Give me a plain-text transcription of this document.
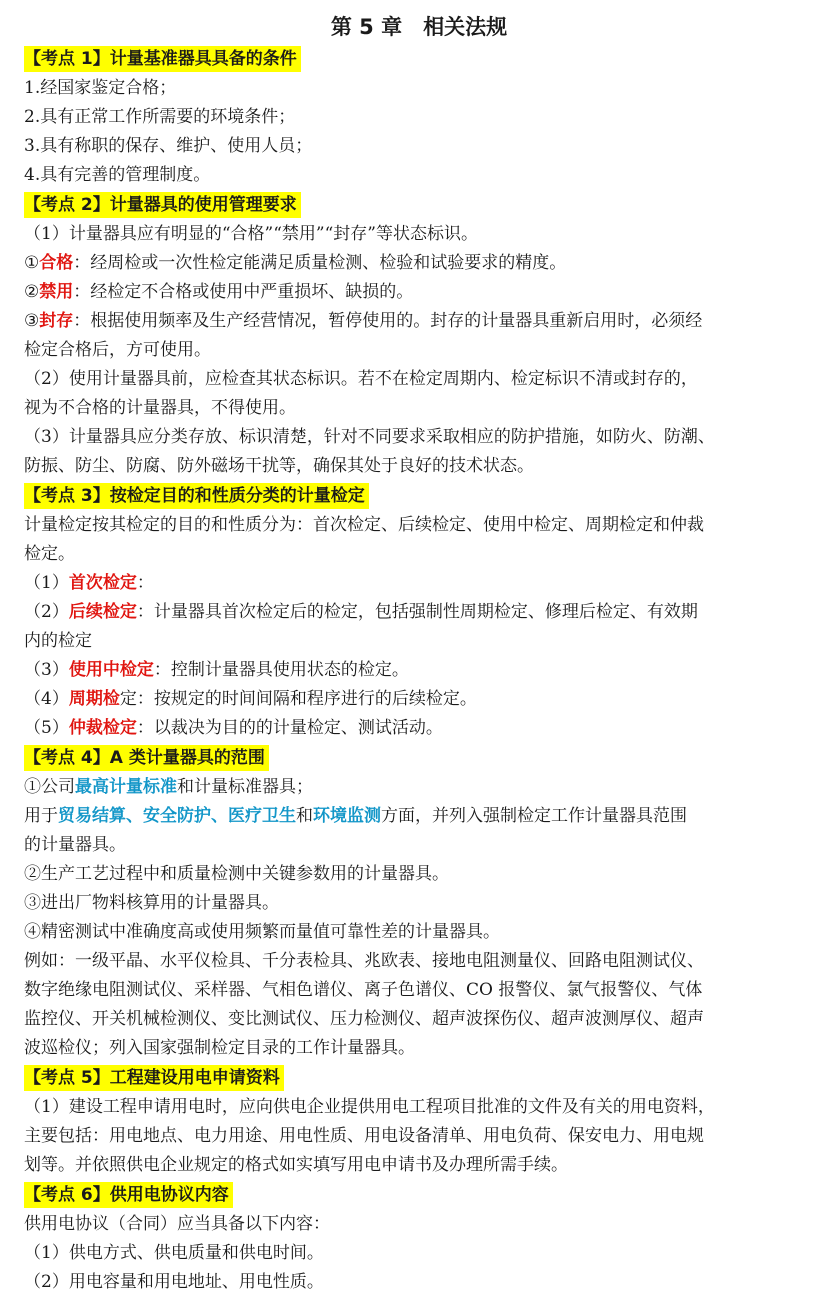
第 5 章　相关法规
【考点 1】计量基准器具具备的条件
1.经国家鉴定合格；
2.具有正常工作所需要的环境条件；
3.具有称职的保存、维护、使用人员；
4.具有完善的管理制度。
【考点 2】计量器具的使用管理要求
（1）计量器具应有明显的“合格”“禁用”“封存”等状态标识。
①合格：经周检或一次性检定能满足质量检测、检验和试验要求的精度。
②禁用：经检定不合格或使用中严重损坏、缺损的。
③封存：根据使用频率及生产经营情况，暂停使用的。封存的计量器具重新启用时，必须经
检定合格后，方可使用。
（2）使用计量器具前，应检查其状态标识。若不在检定周期内、检定标识不清或封存的，
视为不合格的计量器具，不得使用。
（3）计量器具应分类存放、标识清楚，针对不同要求采取相应的防护措施，如防火、防潮、
防振、防尘、防腐、防外磁场干扰等，确保其处于良好的技术状态。
【考点 3】按检定目的和性质分类的计量检定
计量检定按其检定的目的和性质分为：首次检定、后续检定、使用中检定、周期检定和仲裁
检定。
（1）首次检定：
（2）后续检定：计量器具首次检定后的检定，包括强制性周期检定、修理后检定、有效期
内的检定
（3）使用中检定：控制计量器具使用状态的检定。
（4）周期检定：按规定的时间间隔和程序进行的后续检定。
（5）仲裁检定：以裁决为目的的计量检定、测试活动。
【考点 4】A 类计量器具的范围
①公司最高计量标准和计量标准器具；
用于贸易结算、安全防护、医疗卫生和环境监测方面，并列入强制检定工作计量器具范围
的计量器具。
②生产工艺过程中和质量检测中关键参数用的计量器具。
③进出厂物料核算用的计量器具。
④精密测试中准确度高或使用频繁而量值可靠性差的计量器具。
例如：一级平晶、水平仪检具、千分表检具、兆欧表、接地电阻测量仪、回路电阻测试仪、
数字绝缘电阻测试仪、采样器、气相色谱仪、离子色谱仪、CO 报警仪、氯气报警仪、气体
监控仪、开关机械检测仪、变比测试仪、压力检测仪、超声波探伤仪、超声波测厚仪、超声
波巡检仪；列入国家强制检定目录的工作计量器具。
【考点 5】工程建设用电申请资料
（1）建设工程申请用电时，应向供电企业提供用电工程项目批准的文件及有关的用电资料，
主要包括：用电地点、电力用途、用电性质、用电设备清单、用电负荷、保安电力、用电规
划等。并依照供电企业规定的格式如实填写用电申请书及办理所需手续。
【考点 6】供用电协议内容
供用电协议（合同）应当具备以下内容：
（1）供电方式、供电质量和供电时间。
（2）用电容量和用电地址、用电性质。
